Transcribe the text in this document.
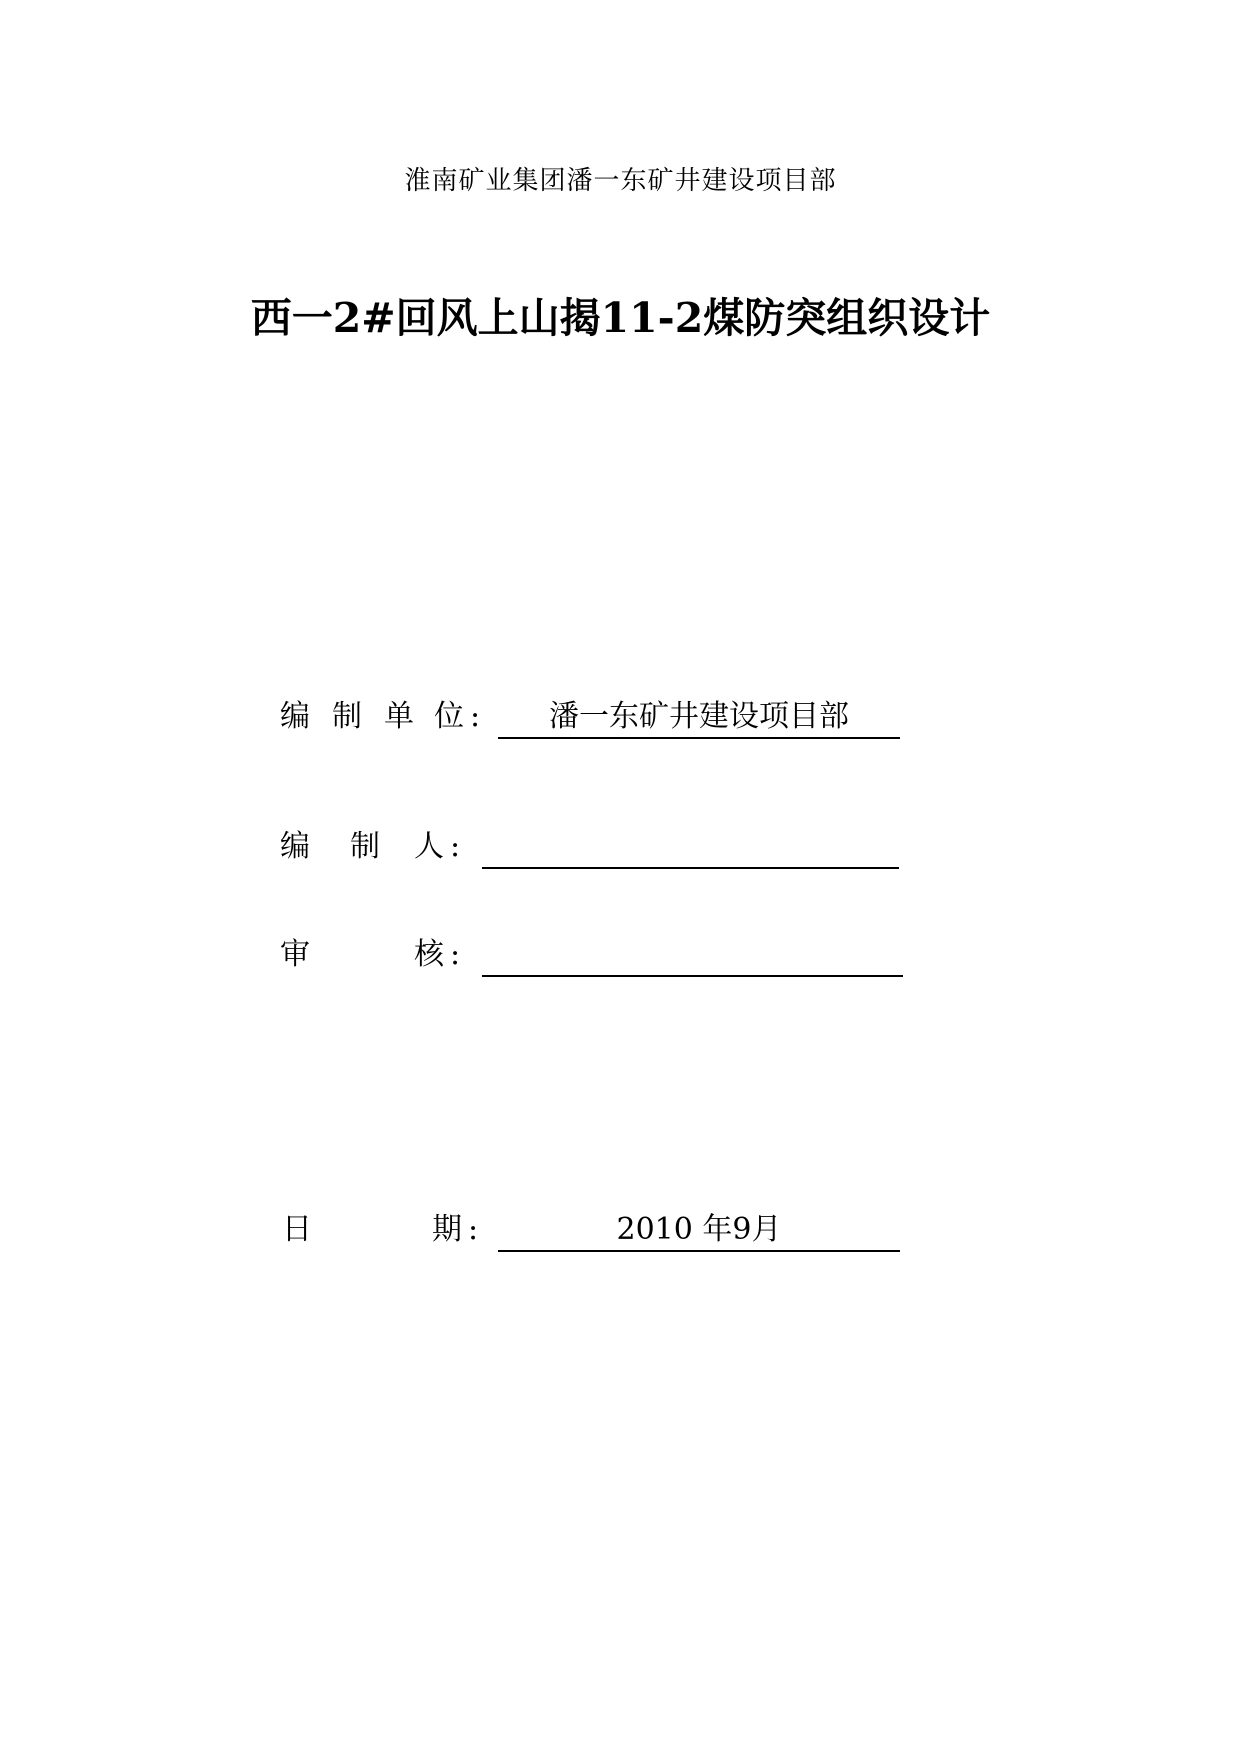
淮南矿业集团潘一东矿井建设项目部
西一2#回风上山揭11-2煤防突组织设计
编 制 单 位 :	潘一东矿井建设项目部
编 制 人 :
审	核 :
日	期 :	2010 年9月
